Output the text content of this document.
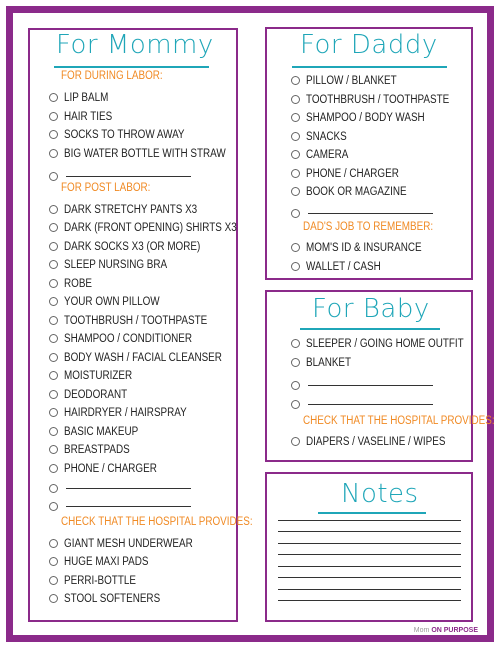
For Mommy
FOR DURING LABOR:
LIP BALM
HAIR TIES
SOCKS TO THROW AWAY
BIG WATER BOTTLE WITH STRAW
FOR POST LABOR:
DARK STRETCHY PANTS X3
DARK (FRONT OPENING) SHIRTS X3
DARK SOCKS X3 (OR MORE)
SLEEP NURSING BRA
ROBE
YOUR OWN PILLOW
TOOTHBRUSH / TOOTHPASTE
SHAMPOO / CONDITIONER
BODY WASH / FACIAL CLEANSER
MOISTURIZER
DEODORANT
HAIRDRYER / HAIRSPRAY
BASIC MAKEUP
BREASTPADS
PHONE / CHARGER
CHECK THAT THE HOSPITAL PROVIDES:
GIANT MESH UNDERWEAR
HUGE MAXI PADS
PERRI-BOTTLE
STOOL SOFTENERS
For Daddy
PILLOW / BLANKET
TOOTHBRUSH / TOOTHPASTE
SHAMPOO / BODY WASH
SNACKS
CAMERA
PHONE / CHARGER
BOOK OR MAGAZINE
DAD'S JOB TO REMEMBER:
MOM'S ID & INSURANCE
WALLET / CASH
For Baby
SLEEPER / GOING HOME OUTFIT
BLANKET
CHECK THAT THE HOSPITAL PROVIDES:
DIAPERS / VASELINE / WIPES
Notes
Mom ON PURPOSE
